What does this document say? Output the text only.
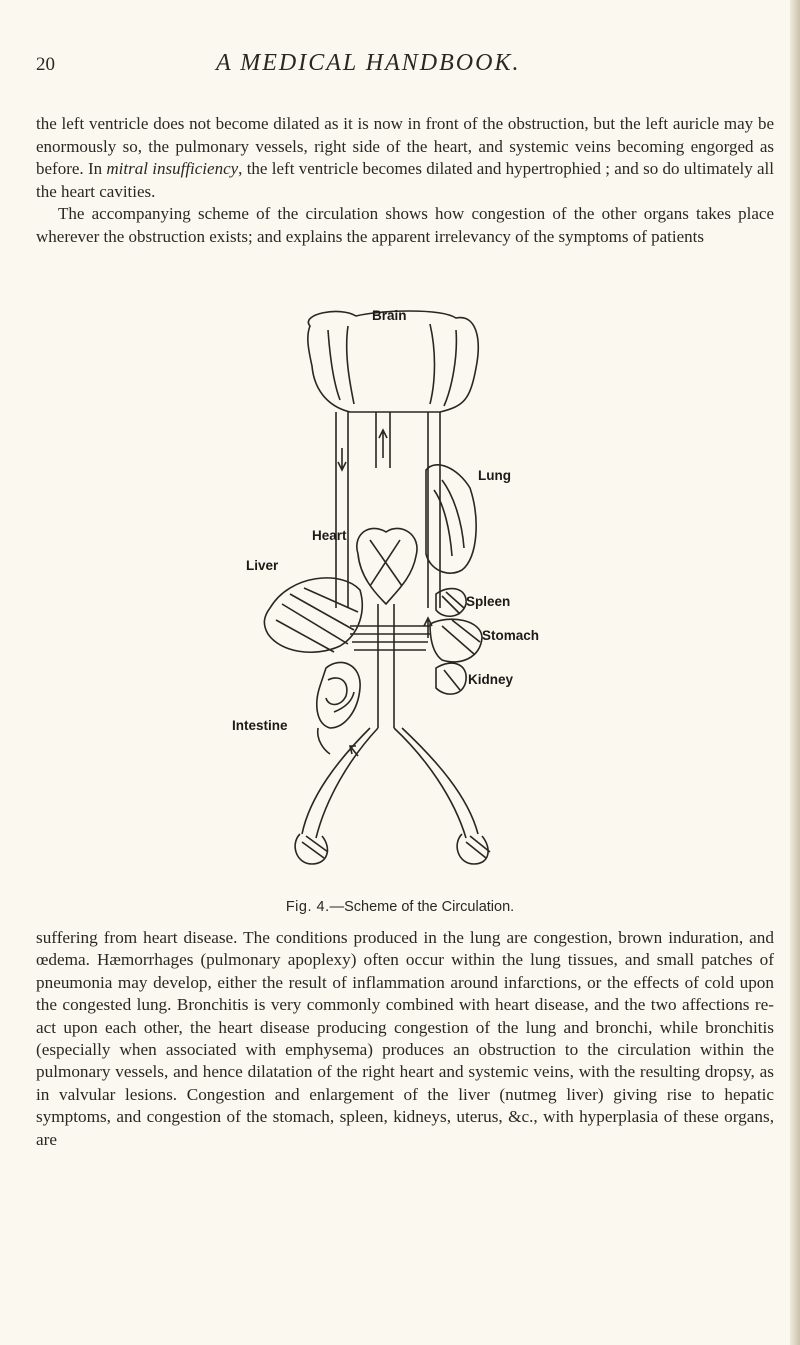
20	A MEDICAL HANDBOOK.

the left ventricle does not become dilated as it is now in front of the obstruction, but the left auricle may be enormously so, the pulmonary vessels, right side of the heart, and systemic veins becoming engorged as before. In mitral insufficiency, the left ventricle becomes dilated and hypertrophied ; and so do ultimately all the heart cavities.

The accompanying scheme of the circulation shows how congestion of the other organs takes place wherever the obstruction exists; and explains the apparent irrelevancy of the symptoms of patients

Brain
Lung
Heart
Liver
Spleen
Stomach
Kidney
Intestine
Fig. 4.—Scheme of the Circulation.

suffering from heart disease. The conditions produced in the lung are congestion, brown induration, and œdema. Hæmorrhages (pulmonary apoplexy) often occur within the lung tissues, and small patches of pneumonia may develop, either the result of inflammation around infarctions, or the effects of cold upon the congested lung. Bronchitis is very commonly combined with heart disease, and the two affections re-act upon each other, the heart disease producing congestion of the lung and bronchi, while bronchitis (especially when associated with emphysema) produces an obstruction to the circulation within the pulmonary vessels, and hence dilatation of the right heart and systemic veins, with the resulting dropsy, as in valvular lesions. Congestion and enlargement of the liver (nutmeg liver) giving rise to hepatic symptoms, and congestion of the stomach, spleen, kidneys, uterus, &c., with hyperplasia of these organs, are
